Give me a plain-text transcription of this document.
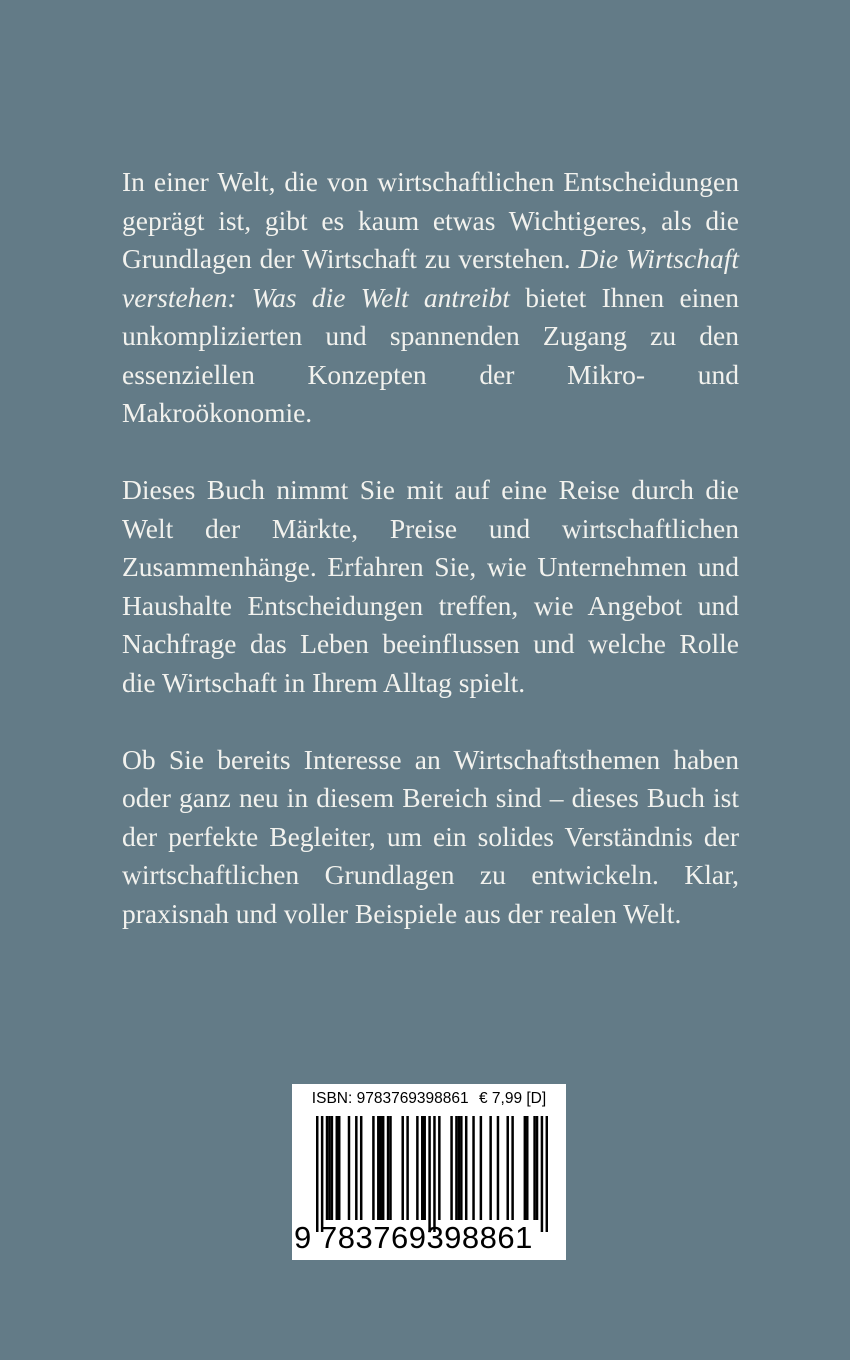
In einer Welt, die von wirtschaftlichen Entscheidungen geprägt ist, gibt es kaum etwas Wichtigeres, als die Grundlagen der Wirtschaft zu verstehen. Die Wirtschaft verstehen: Was die Welt antreibt bietet Ihnen einen unkomplizierten und spannenden Zugang zu den essenziellen Konzepten der Mikro- und Makroökonomie.

Dieses Buch nimmt Sie mit auf eine Reise durch die Welt der Märkte, Preise und wirtschaftlichen Zusammenhänge. Erfahren Sie, wie Unternehmen und Haushalte Entscheidungen treffen, wie Angebot und Nachfrage das Leben beeinflussen und welche Rolle die Wirtschaft in Ihrem Alltag spielt.

Ob Sie bereits Interesse an Wirtschaftsthemen haben oder ganz neu in diesem Bereich sind – dieses Buch ist der perfekte Begleiter, um ein solides Verständnis der wirtschaftlichen Grundlagen zu entwickeln. Klar, praxisnah und voller Beispiele aus der realen Welt.

ISBN: 9783769398861 € 7,99 [D]
9 783769398861
